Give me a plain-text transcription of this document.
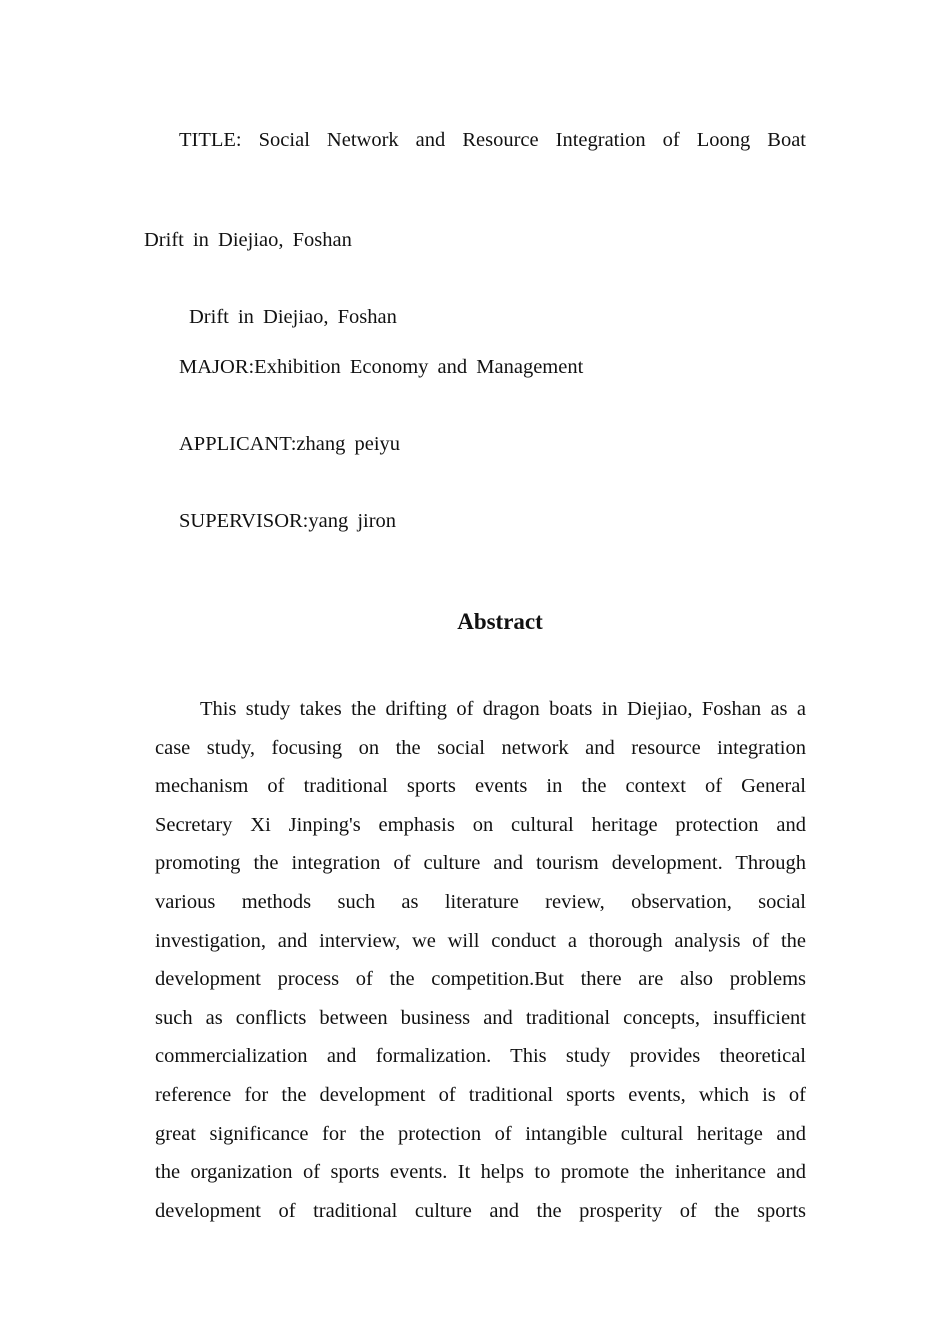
TITLE: Social Network and Resource Integration of Loong Boat
Drift in Diejiao, Foshan
Drift in Diejiao, Foshan
MAJOR:Exhibition Economy and Management
APPLICANT:zhang peiyu
SUPERVISOR:yang jiron
Abstract
This study takes the drifting of dragon boats in Diejiao, Foshan as a
case study, focusing on the social network and resource integration
mechanism of traditional sports events in the context of General
Secretary Xi Jinping's emphasis on cultural heritage protection and
promoting the integration of culture and tourism development. Through
various methods such as literature review, observation, social
investigation, and interview, we will conduct a thorough analysis of the
development process of the competition.But there are also problems
such as conflicts between business and traditional concepts, insufficient
commercialization and formalization. This study provides theoretical
reference for the development of traditional sports events, which is of
great significance for the protection of intangible cultural heritage and
the organization of sports events. It helps to promote the inheritance and
development of traditional culture and the prosperity of the sports
